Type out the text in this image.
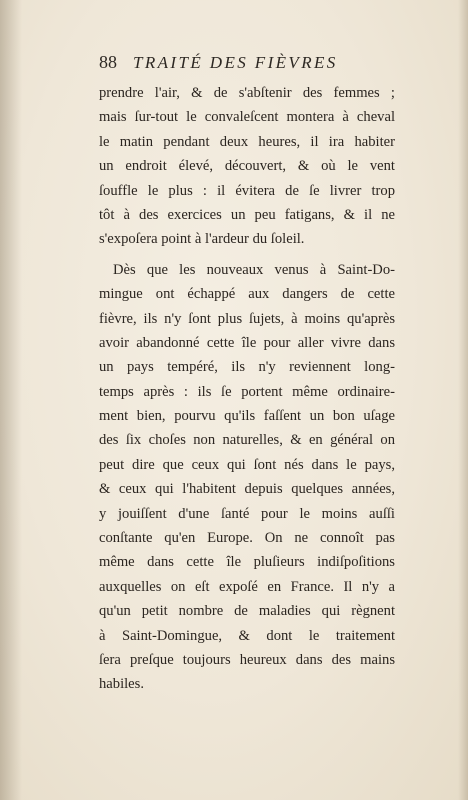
88 TRAITÉ DES FIÈVRES
prendre l'air, & de s'abſtenir des femmes ;
mais ſur-tout le convaleſcent montera à cheval
le matin pendant deux heures, il ira habiter
un endroit élevé, découvert, & où le vent
ſouffle le plus : il évitera de ſe livrer trop
tôt à des exercices un peu fatigans, & il ne
s'expoſera point à l'ardeur du ſoleil.
Dès que les nouveaux venus à Saint-Do-
mingue ont échappé aux dangers de cette
fièvre, ils n'y ſont plus ſujets, à moins qu'après
avoir abandonné cette île pour aller vivre dans
un pays tempéré, ils n'y reviennent long-
temps après : ils ſe portent même ordinaire-
ment bien, pourvu qu'ils faſſent un bon uſage
des ſix choſes non naturelles, & en général on
peut dire que ceux qui ſont nés dans le pays,
& ceux qui l'habitent depuis quelques années,
y jouiſſent d'une ſanté pour le moins auſſi
conſtante qu'en Europe. On ne connoît pas
même dans cette île pluſieurs indiſpoſitions
auxquelles on eſt expoſé en France. Il n'y a
qu'un petit nombre de maladies qui règnent
à Saint-Domingue, & dont le traitement
ſera preſque toujours heureux dans des mains
habiles.
